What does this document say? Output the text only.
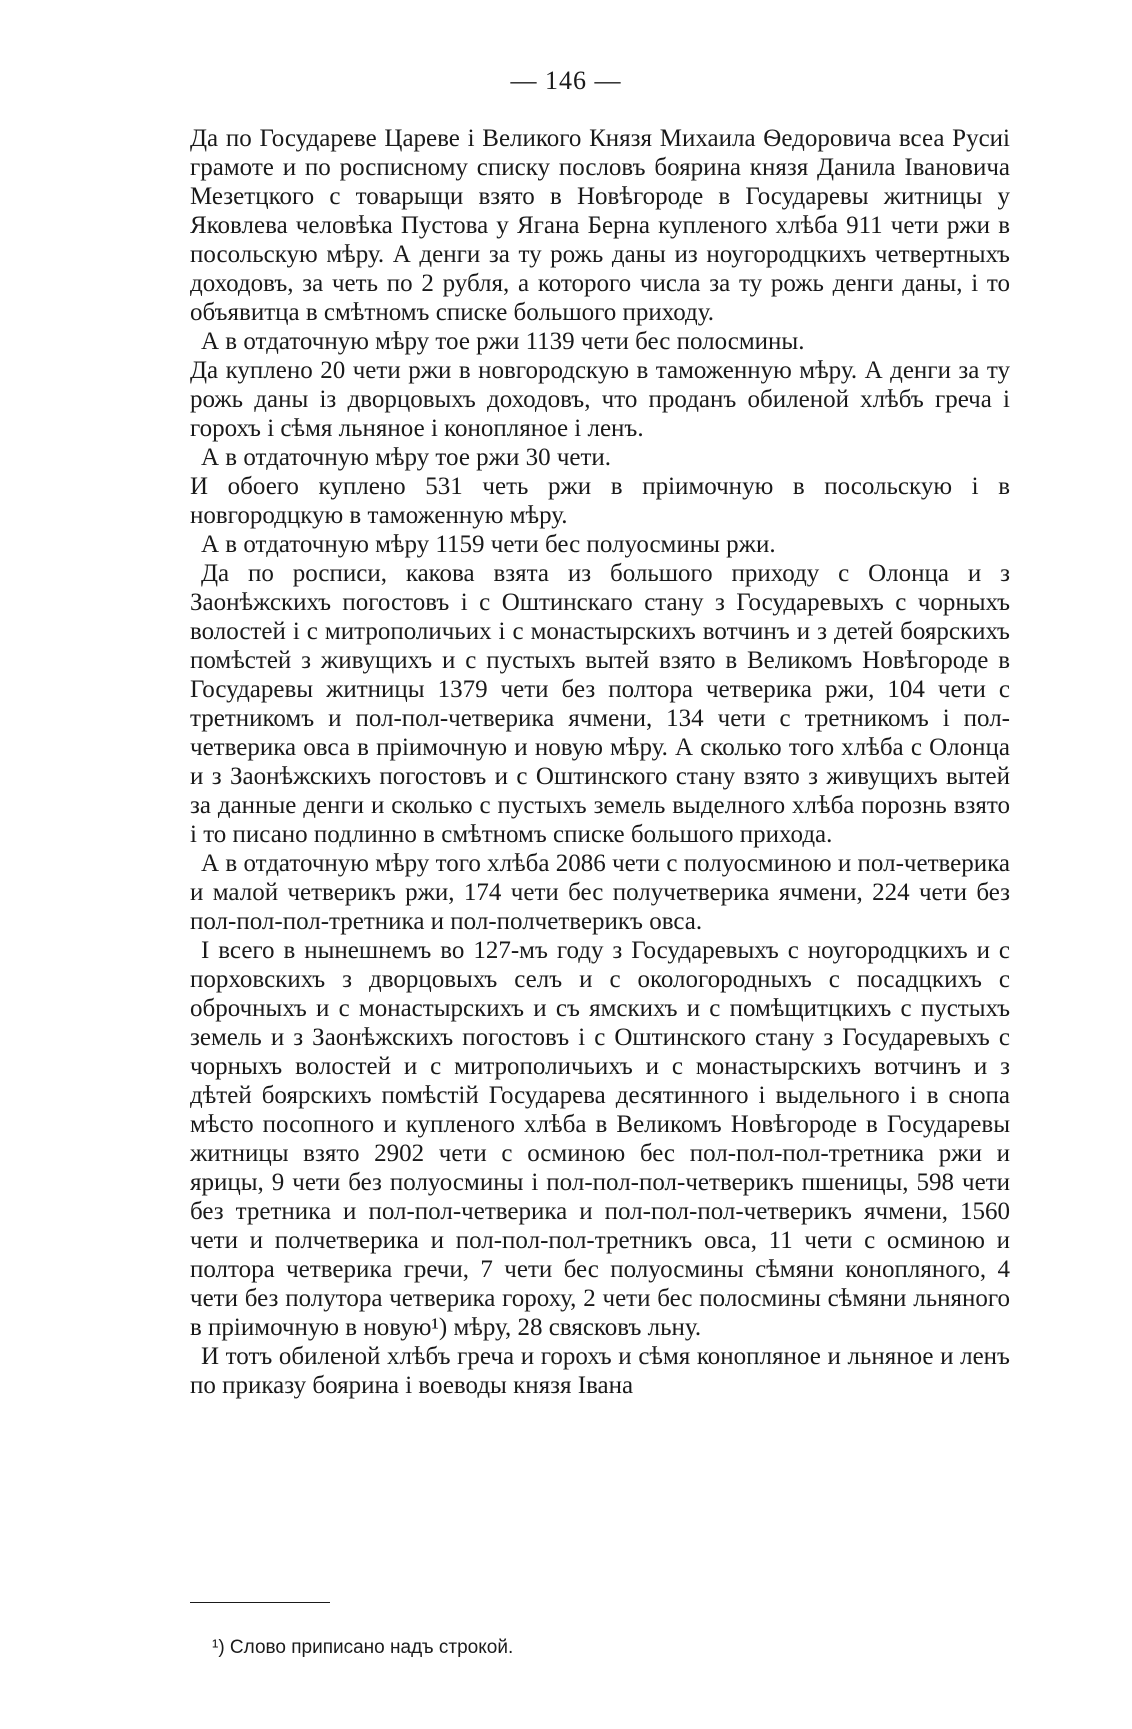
— 146 —

Да по Государеве Цареве і Великого Князя Михаила Ѳедоровича всеа Русиі грамоте и по росписному списку пословъ боярина князя Данила Івановича Мезетцкого с товарыщи взято в Новѣгороде в Государевы житницы у Яковлева человѣка Пустова у Ягана Берна купленого хлѣба 911 чети ржи в посольскую мѣру. А денги за ту рожь даны из ноугородцкихъ четвертныхъ доходовъ, за четь по 2 рубля, а которого числа за ту рожь денги даны, і то объявитца в смѣтномъ списке большого приходу.

А в отдаточную мѣру тое ржи 1139 чети бес полосмины.

Да куплено 20 чети ржи в новгородскую в таможенную мѣру. А денги за ту рожь даны із дворцовыхъ доходовъ, что проданъ обиленой хлѣбъ греча і горохъ і сѣмя льняное і конопляное і ленъ.

А в отдаточную мѣру тое ржи 30 чети.

И обоего куплено 531 четь ржи в пріимочную в посольскую і в новгородцкую в таможенную мѣру.

А в отдаточную мѣру 1159 чети бес полуосмины ржи.

Да по росписи, какова взята из большого приходу с Олонца и з Заонѣжскихъ погостовъ і с Оштинскаго стану з Государевыхъ с чорныхъ волостей і с митрополичьих і с монастырскихъ вотчинъ и з детей боярскихъ помѣстей з живущихъ и с пустыхъ вытей взято в Великомъ Новѣгороде в Государевы житницы 1379 чети без полтора четверика ржи, 104 чети с третникомъ и пол-пол-четверика ячмени, 134 чети с третникомъ і пол-четверика овса в пріимочную и новую мѣру. А сколько того хлѣба с Олонца и з Заонѣжскихъ погостовъ и с Оштинского стану взято з живущихъ вытей за данные денги и сколько с пустыхъ земель выделного хлѣба порознь взято і то писано подлинно в смѣтномъ списке большого прихода.

А в отдаточную мѣру того хлѣба 2086 чети с полуосминою и пол-четверика и малой четверикъ ржи, 174 чети бес получетверика ячмени, 224 чети без пол-пол-пол-третника и пол-полчетверикъ овса.

І всего в нынешнемъ во 127-мъ году з Государевыхъ с ноугородцкихъ и с порховскихъ з дворцовыхъ селъ и с окологородныхъ с посадцкихъ с оброчныхъ и с монастырскихъ и съ ямскихъ и с помѣщитцкихъ с пустыхъ земель и з Заонѣжскихъ погостовъ і с Оштинского стану з Государевыхъ с чорныхъ волостей и с митрополичьихъ и с монастырскихъ вотчинъ и з дѣтей боярскихъ помѣстій Государева десятинного і выдельного і в снопа мѣсто посопного и купленого хлѣба в Великомъ Новѣгороде в Государевы житницы взято 2902 чети с осминою бес пол-пол-пол-третника ржи и ярицы, 9 чети без полуосмины і пол-пол-пол-четверикъ пшеницы, 598 чети без третника и пол-пол-четверика и пол-пол-пол-четверикъ ячмени, 1560 чети и полчетверика и пол-пол-пол-третникъ овса, 11 чети с осминою и полтора четверика гречи, 7 чети бес полуосмины сѣмяни конопляного, 4 чети без полутора четверика гороху, 2 чети бес полосмины сѣмяни льняного в пріимочную в новую¹) мѣру, 28 свясковъ льну.

И тотъ обиленой хлѣбъ греча и горохъ и сѣмя конопляное и льняное и ленъ по приказу боярина і воеводы князя Івана

¹) Слово приписано надъ строкой.
